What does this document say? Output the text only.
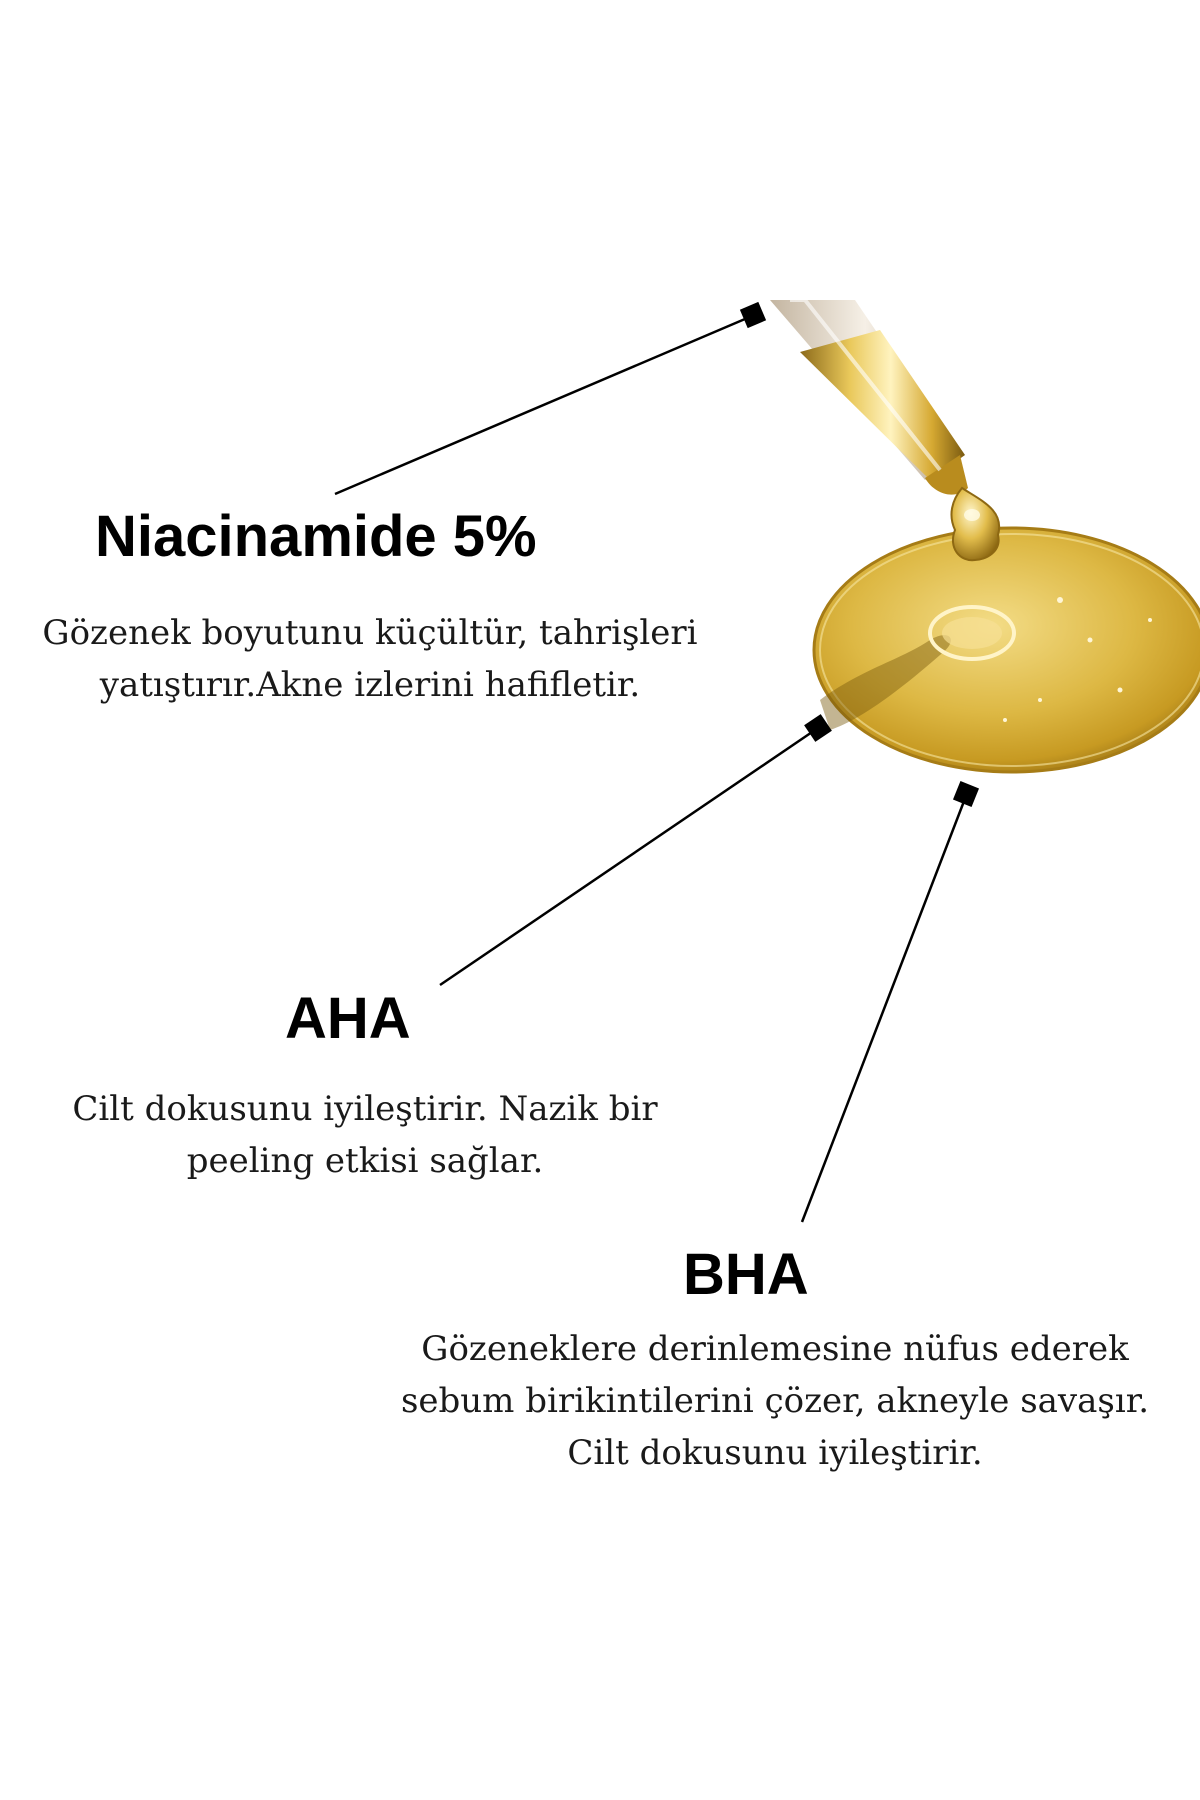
Niacinamide 5%

Gözenek boyutunu küçültür, tahrişleri
yatıştırır.Akne izlerini hafifletir.

AHA

Cilt dokusunu iyileştirir. Nazik bir
peeling etkisi sağlar.

BHA

Gözeneklere derinlemesine nüfus ederek
sebum birikintilerini çözer, akneyle savaşır.
Cilt dokusunu iyileştirir.
